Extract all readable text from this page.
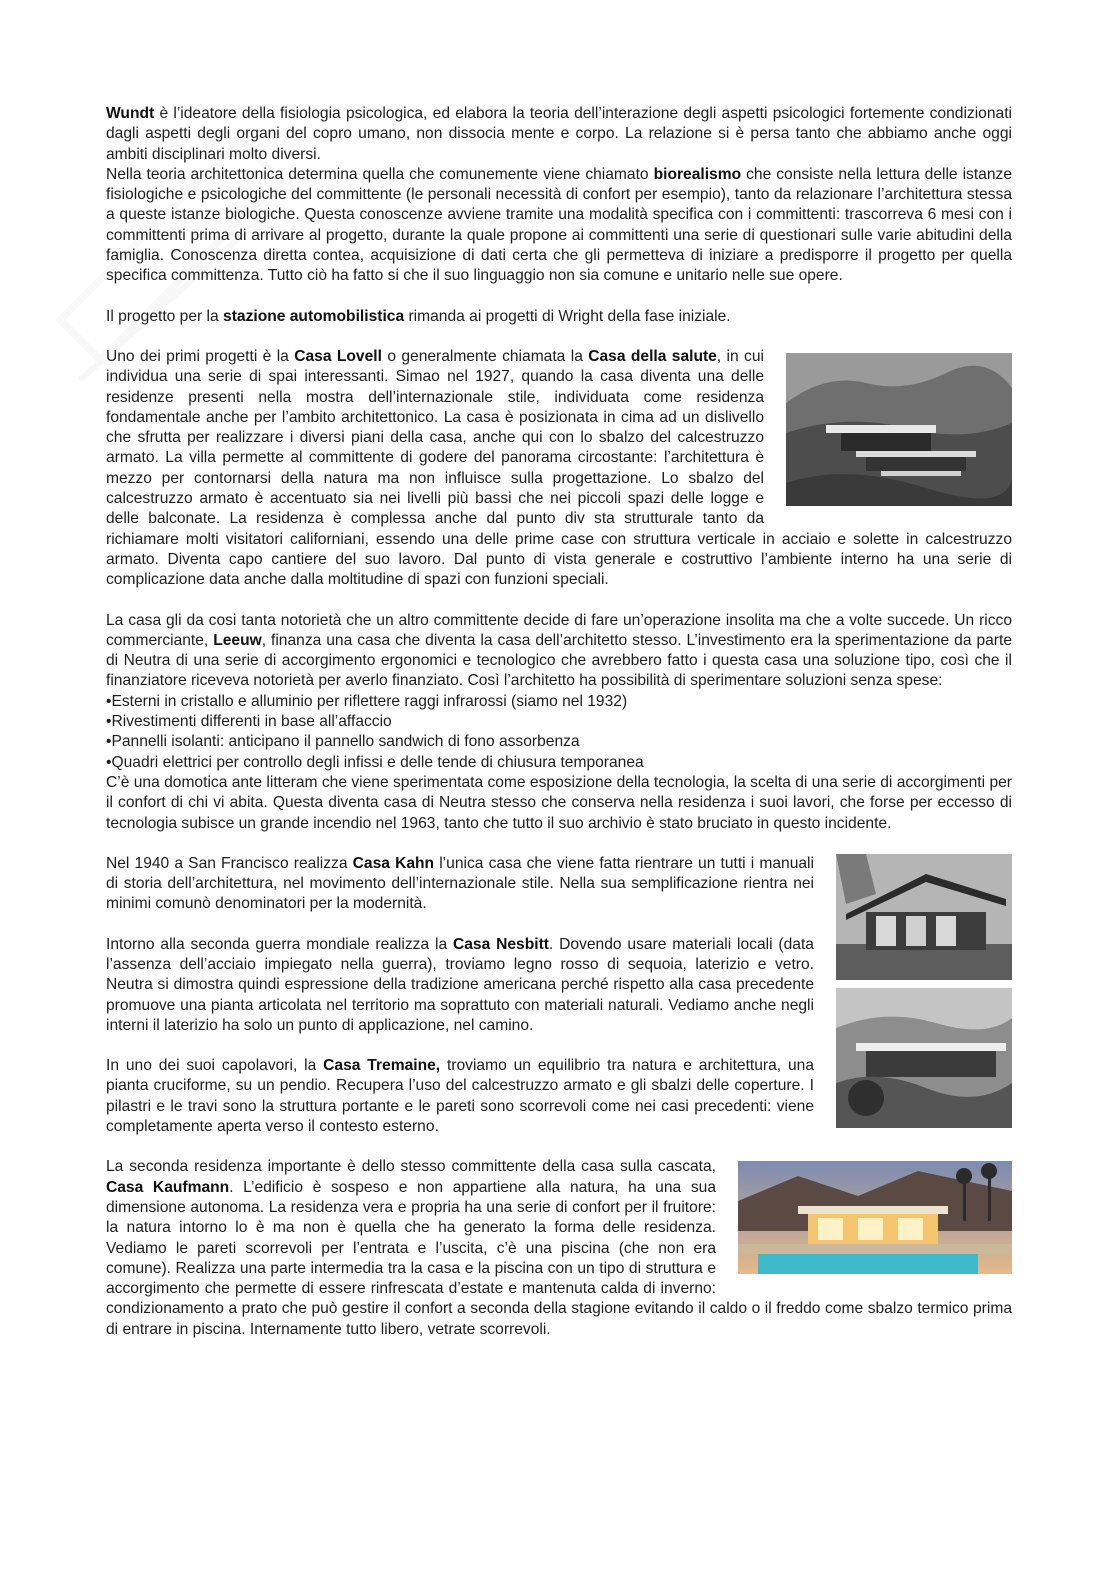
Wundt è l’ideatore della fisiologia psicologica, ed elabora la teoria dell’interazione degli aspetti psicologici fortemente condizionati dagli aspetti degli organi del copro umano, non dissocia mente e corpo. La relazione si è persa tanto che abbiamo anche oggi ambiti disciplinari molto diversi.
Nella teoria architettonica determina quella che comunemente viene chiamato biorealismo che consiste nella lettura delle istanze fisiologiche e psicologiche del committente (le personali necessità di confort per esempio), tanto da relazionare l’architettura stessa a queste istanze biologiche. Questa conoscenze avviene tramite una modalità specifica con i committenti: trascorreva 6 mesi con i committenti prima di arrivare al progetto, durante la quale propone ai committenti una serie di questionari sulle varie abitudini della famiglia. Conoscenza diretta contea, acquisizione di dati certa che gli permetteva di iniziare a predisporre il progetto per quella specifica committenza. Tutto ciò ha fatto si che il suo linguaggio non sia comune e unitario nelle sue opere.

Il progetto per la stazione automobilistica rimanda ai progetti di Wright della fase iniziale.

Uno dei primi progetti è la Casa Lovell o generalmente chiamata la Casa della salute, in cui individua una serie di spai interessanti. Simao nel 1927, quando la casa diventa una delle residenze presenti nella mostra dell’internazionale stile, individuata come residenza fondamentale anche per l’ambito architettonico. La casa è posizionata in cima ad un dislivello che sfrutta per realizzare i diversi piani della casa, anche qui con lo sbalzo del calcestruzzo armato. La villa permette al committente di godere del panorama circostante: l’architettura è mezzo per contornarsi della natura ma non influisce sulla progettazione. Lo sbalzo del calcestruzzo armato è accentuato sia nei livelli più bassi che nei piccoli spazi delle logge e delle balconate. La residenza è complessa anche dal punto div sta strutturale tanto da richiamare molti visitatori californiani, essendo una delle prime case con struttura verticale in acciaio e solette in calcestruzzo armato. Diventa capo cantiere del suo lavoro. Dal punto di vista generale e costruttivo l’ambiente interno ha una serie di complicazione data anche dalla moltitudine di spazi con funzioni speciali.

La casa gli da cosi tanta notorietà che un altro committente decide di fare un’operazione insolita ma che a volte succede. Un ricco commerciante, Leeuw, finanza una casa che diventa la casa dell’architetto stesso. L’investimento era la sperimentazione da parte di Neutra di una serie di accorgimento ergonomici e tecnologico che avrebbero fatto i questa casa una soluzione tipo, così che il finanziatore riceveva notorietà per averlo finanziato. Così l’architetto ha possibilità di sperimentare soluzioni senza spese:

• Esterni in cristallo e alluminio per riflettere raggi infrarossi (siamo nel 1932)
• Rivestimenti differenti in base all’affaccio
• Pannelli isolanti: anticipano il pannello sandwich di fono assorbenza
• Quadri elettrici per controllo degli infissi e delle tende di chiusura temporanea

C’è una domotica ante litteram che viene sperimentata come esposizione della tecnologia, la scelta di una serie di accorgimenti per il confort di chi vi abita. Questa diventa casa di Neutra stesso che conserva nella residenza i suoi lavori, che forse per eccesso di tecnologia subisce un grande incendio nel 1963, tanto che tutto il suo archivio è stato bruciato in questo incidente.

Nel 1940 a San Francisco realizza Casa Kahn l’unica casa che viene fatta rientrare un tutti i manuali di storia dell’architettura, nel movimento dell’internazionale stile. Nella sua semplificazione rientra nei minimi comunò denominatori per la modernità.

Intorno alla seconda guerra mondiale realizza la Casa Nesbitt. Dovendo usare materiali locali (data l’assenza dell’acciaio impiegato nella guerra), troviamo legno rosso di sequoia, laterizio e vetro. Neutra si dimostra quindi espressione della tradizione americana perché rispetto alla casa precedente promuove una pianta articolata nel territorio ma soprattuto con materiali naturali. Vediamo anche negli interni il laterizio ha solo un punto di applicazione, nel camino.

In uno dei suoi capolavori, la Casa Tremaine, troviamo un equilibrio tra natura e architettura, una pianta cruciforme, su un pendio. Recupera l’uso del calcestruzzo armato e gli sbalzi delle coperture. I pilastri e le travi sono la struttura portante e le pareti sono scorrevoli come nei casi precedenti: viene completamente aperta verso il contesto esterno.

La seconda residenza importante è dello stesso committente della casa sulla cascata, Casa Kaufmann. L’edificio è sospeso e non appartiene alla natura, ha una sua dimensione autonoma. La residenza vera e propria ha una serie di confort per il fruitore: la natura intorno lo è ma non è quella che ha generato la forma delle residenza. Vediamo le pareti scorrevoli per l’entrata e l’uscita, c’è una piscina (che non era comune). Realizza una parte intermedia tra la casa e la piscina con un tipo di struttura e accorgimento che permette di essere rinfrescata d’estate e mantenuta calda di inverno: condizionamento a prato che può gestire il confort a seconda della stagione evitando il caldo o il freddo come sbalzo termico prima di entrare in piscina. Internamente tutto libero, vetrate scorrevoli.
